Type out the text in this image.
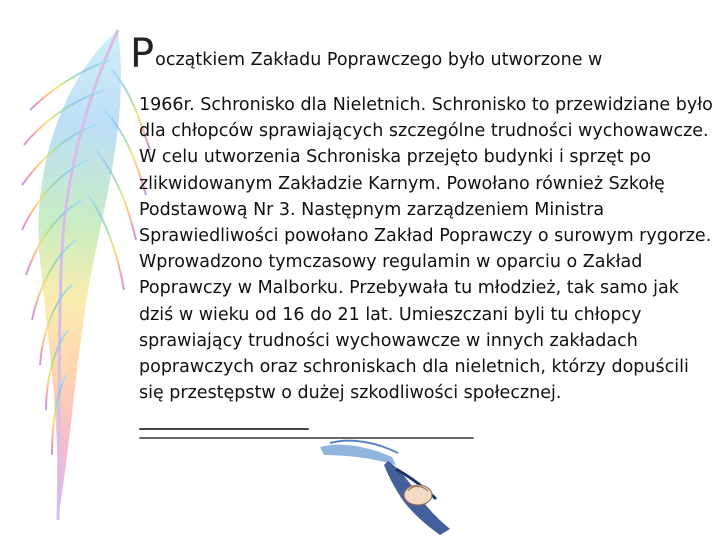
Początkiem Zakładu Poprawczego było utworzone w

1966r. Schronisko dla Nieletnich. Schronisko to przewidziane było dla chłopców sprawiających szczególne trudności wychowawcze. W celu utworzenia Schroniska przejęto budynki i sprzęt po zlikwidowanym Zakładzie Karnym. Powołano również Szkołę Podstawową Nr 3. Następnym zarządzeniem Ministra Sprawiedliwości powołano Zakład Poprawczy o surowym rygorze. Wprowadzono tymczasowy regulamin w oparciu o Zakład Poprawczy w Malborku. Przebywała tu młodzież, tak samo jak dziś w wieku od 16 do 21 lat. Umieszczani byli tu chłopcy sprawiający trudności wychowawcze w innych zakładach poprawczych oraz schroniskach dla nieletnich, którzy dopuścili się przestępstw o dużej szkodliwości społecznej.
